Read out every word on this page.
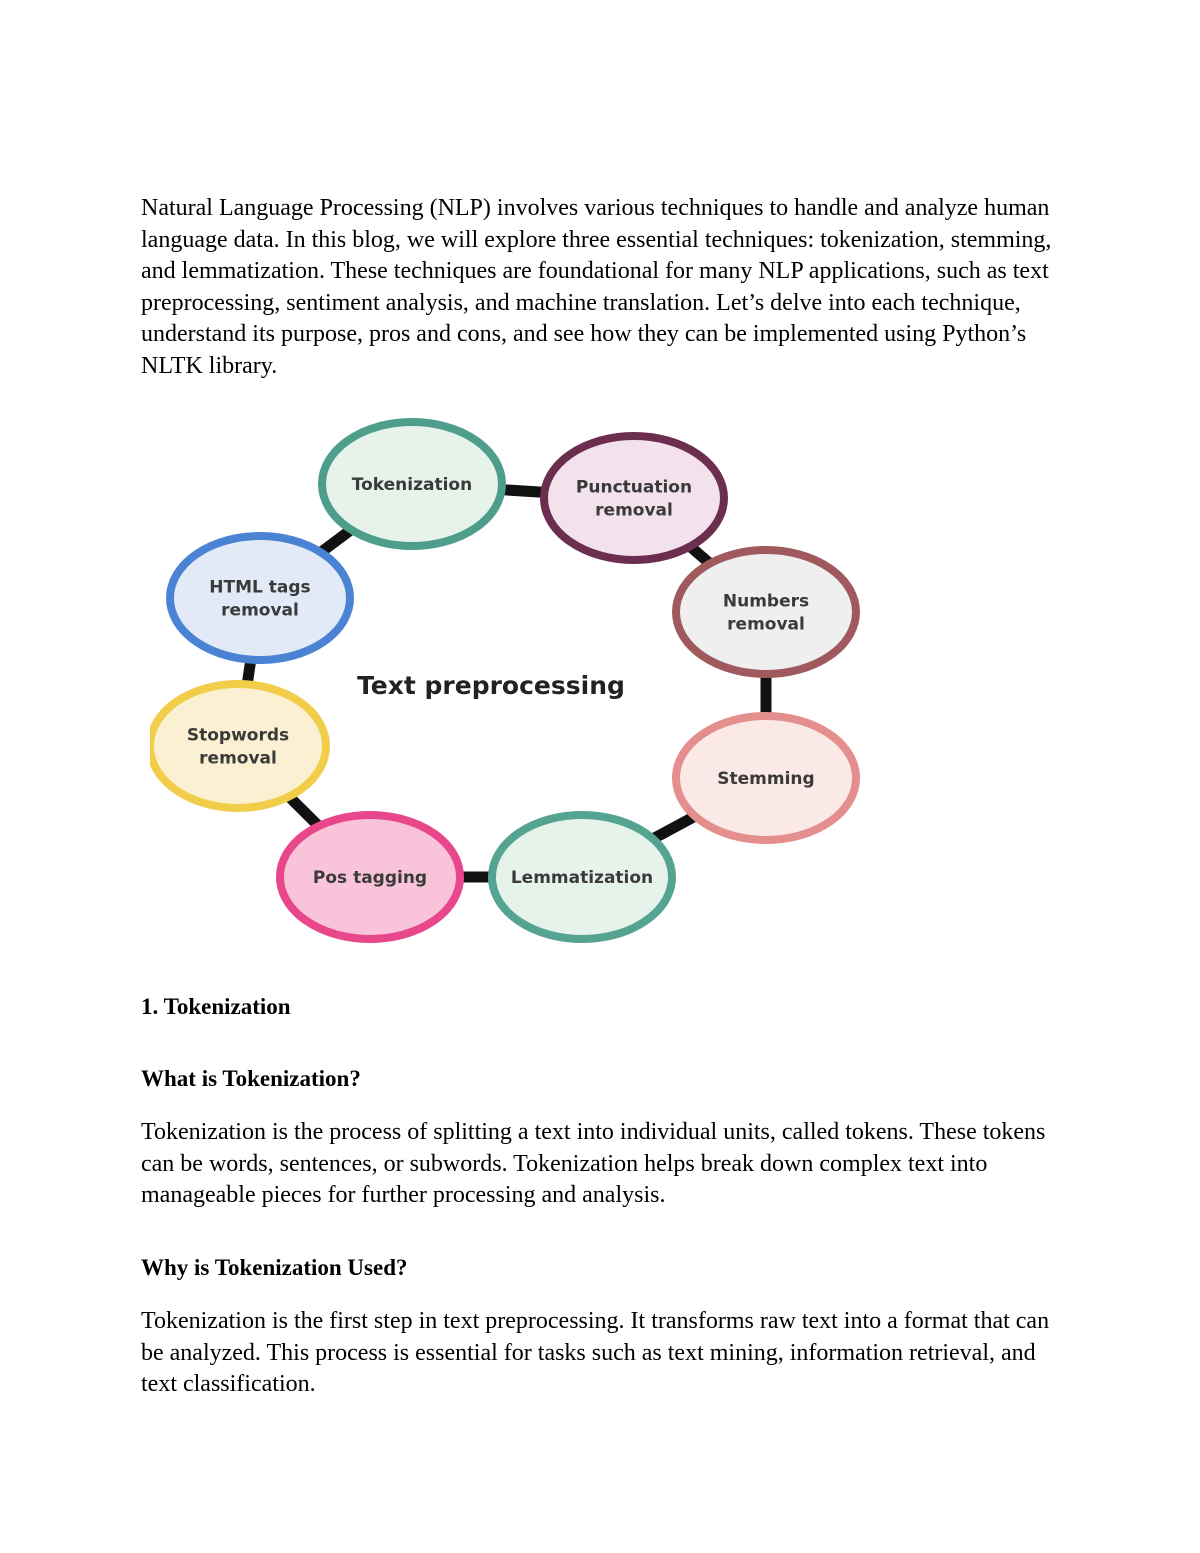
Natural Language Processing (NLP) involves various techniques to handle and analyze human language data. In this blog, we will explore three essential techniques: tokenization, stemming, and lemmatization. These techniques are foundational for many NLP applications, such as text preprocessing, sentiment analysis, and machine translation. Let’s delve into each technique, understand its purpose, pros and cons, and see how they can be implemented using Python’s NLTK library.

Tokenization	Punctuation
removal
Numbers
removal
Stemming
Lemmatization
Pos tagging
Stopwords
removal
HTML tags
removal
Text preprocessing
1. Tokenization
What is Tokenization?

Tokenization is the process of splitting a text into individual units, called tokens. These tokens can be words, sentences, or subwords. Tokenization helps break down complex text into manageable pieces for further processing and analysis.

Why is Tokenization Used?

Tokenization is the first step in text preprocessing. It transforms raw text into a format that can be analyzed. This process is essential for tasks such as text mining, information retrieval, and text classification.
